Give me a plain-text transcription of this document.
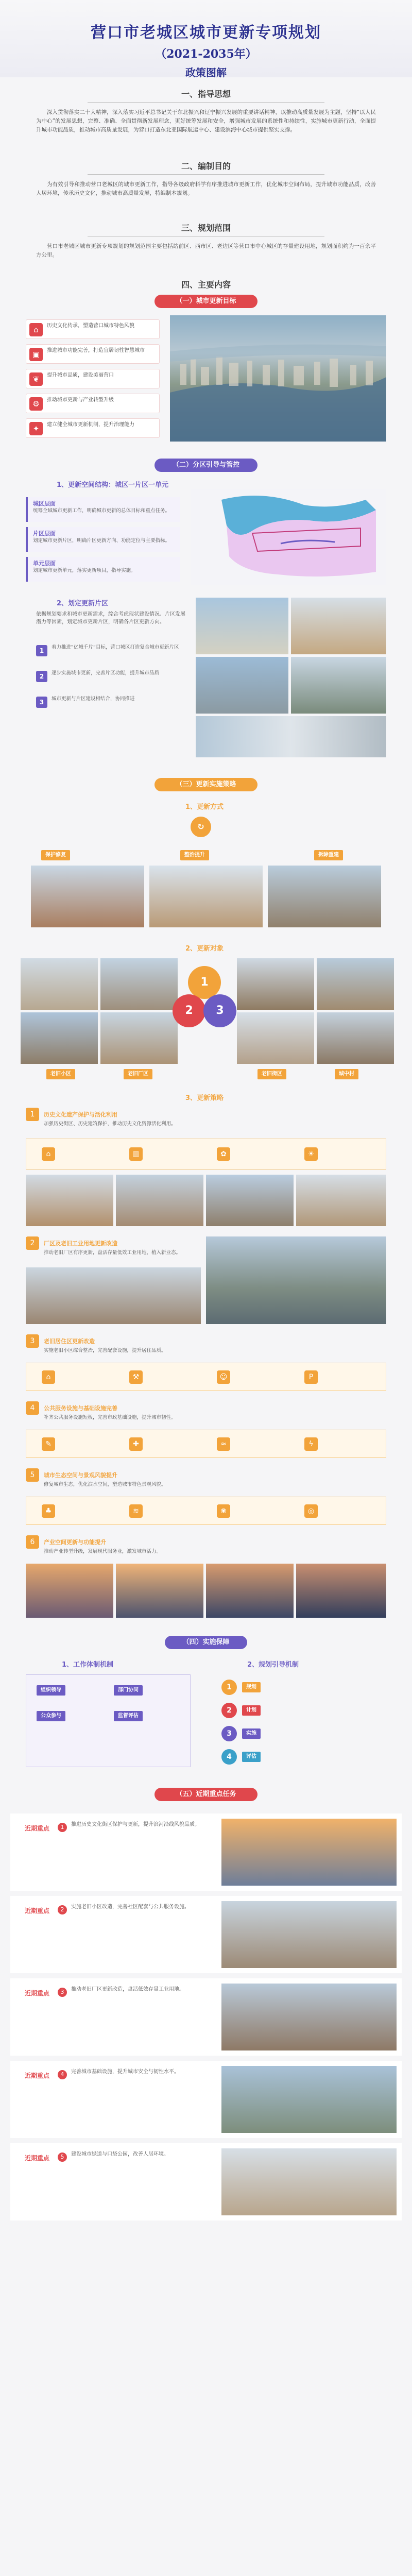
营口市老城区城市更新专项规划
（2021-2035年）
政策图解
一、指导思想
深入贯彻落实二十大精神，深入落实习近平总书记关于东北振兴和辽宁振兴发展的重要讲话精神，以推动高质量发展为主题，坚持“以人民为中心”的发展思想，完整、准确、全面贯彻新发展理念，更好统筹发展和安全，增强城市发展的系统性和持续性，实施城市更新行动，全面提升城市功能品质，推动城市高质量发展，为营口打造东北亚国际航运中心、建设滨海中心城市提供坚实支撑。
二、编制目的
为有效引导和推动营口老城区的城市更新工作，指导各级政府科学有序推进城市更新工作，优化城市空间布局，提升城市功能品质，改善人居环境，传承历史文化，推动城市高质量发展，特编制本规划。
三、规划范围
营口市老城区城市更新专项规划的规划范围主要包括站前区、西市区、老边区等营口市中心城区的存量建设用地，规划面积约为一百余平方公里。
四、主要内容
（一）城市更新目标
⌂	历史文化传承，塑造营口城市特色风貌
▣	推进城市功能完善，打造宜居韧性智慧城市
❦	提升城市品质，建设美丽营口
⚙	推动城市更新与产业转型升级
✦	建立健全城市更新机制，提升治理能力
（二）分区引导与管控
1、更新空间结构：城区一片区一单元
城区层面
统筹全域城市更新工作，明确城市更新的总体目标和重点任务。
片区层面
划定城市更新片区，明确片区更新方向、功能定位与主要指标。
单元层面
划定城市更新单元，落实更新项目，指导实施。
2、划定更新片区
依据规划要求和城市更新需求，综合考虑现状建设情况、片区发展潜力等因素，划定城市更新片区，明确各片区更新方向。
1	着力推进“亿城千片”目标，营口城区打造复合城市更新片区
2	逐步实施城市更新，完善片区功能，提升城市品质
3	城市更新与片区建设相结合，协同推进
（三）更新实施策略
1、更新方式
↻
保护修复	整治提升	拆除重建
2、更新对象
老旧小区	老旧厂区	老旧街区	城中村
1
2	3
3、更新策略
1	历史文化遗产保护与活化利用
加强历史街区、历史建筑保护，推动历史文化资源活化利用。
⌂	▥	✿	☀
2	厂区及老旧工业用地更新改造
推动老旧厂区有序更新，盘活存量低效工业用地，植入新业态。
3	老旧居住区更新改造
实施老旧小区综合整治，完善配套设施，提升居住品质。
⌂	⚒	☺	P
4	公共服务设施与基础设施完善
补齐公共服务设施短板，完善市政基础设施，提升城市韧性。
✎	✚	≈	ϟ
5	城市生态空间与景观风貌提升
修复城市生态，优化滨水空间，塑造城市特色景观风貌。
♣	≋	❀	◎
6	产业空间更新与功能提升
推动产业转型升级，发展现代服务业，激发城市活力。
（四）实施保障
1、工作体制机制	2、规划引导机制
组织领导	部门协同
公众参与	监督评估
1	规划
2	计划
3	实施
4	评估
（五）近期重点任务
近期重点	1	推进历史文化街区保护与更新，提升滨河沿线风貌品质。
近期重点	2	实施老旧小区改造，完善社区配套与公共服务设施。
近期重点	3	推动老旧厂区更新改造，盘活低效存量工业用地。
近期重点	4	完善城市基础设施，提升城市安全与韧性水平。
近期重点	5	建设城市绿道与口袋公园，改善人居环境。
